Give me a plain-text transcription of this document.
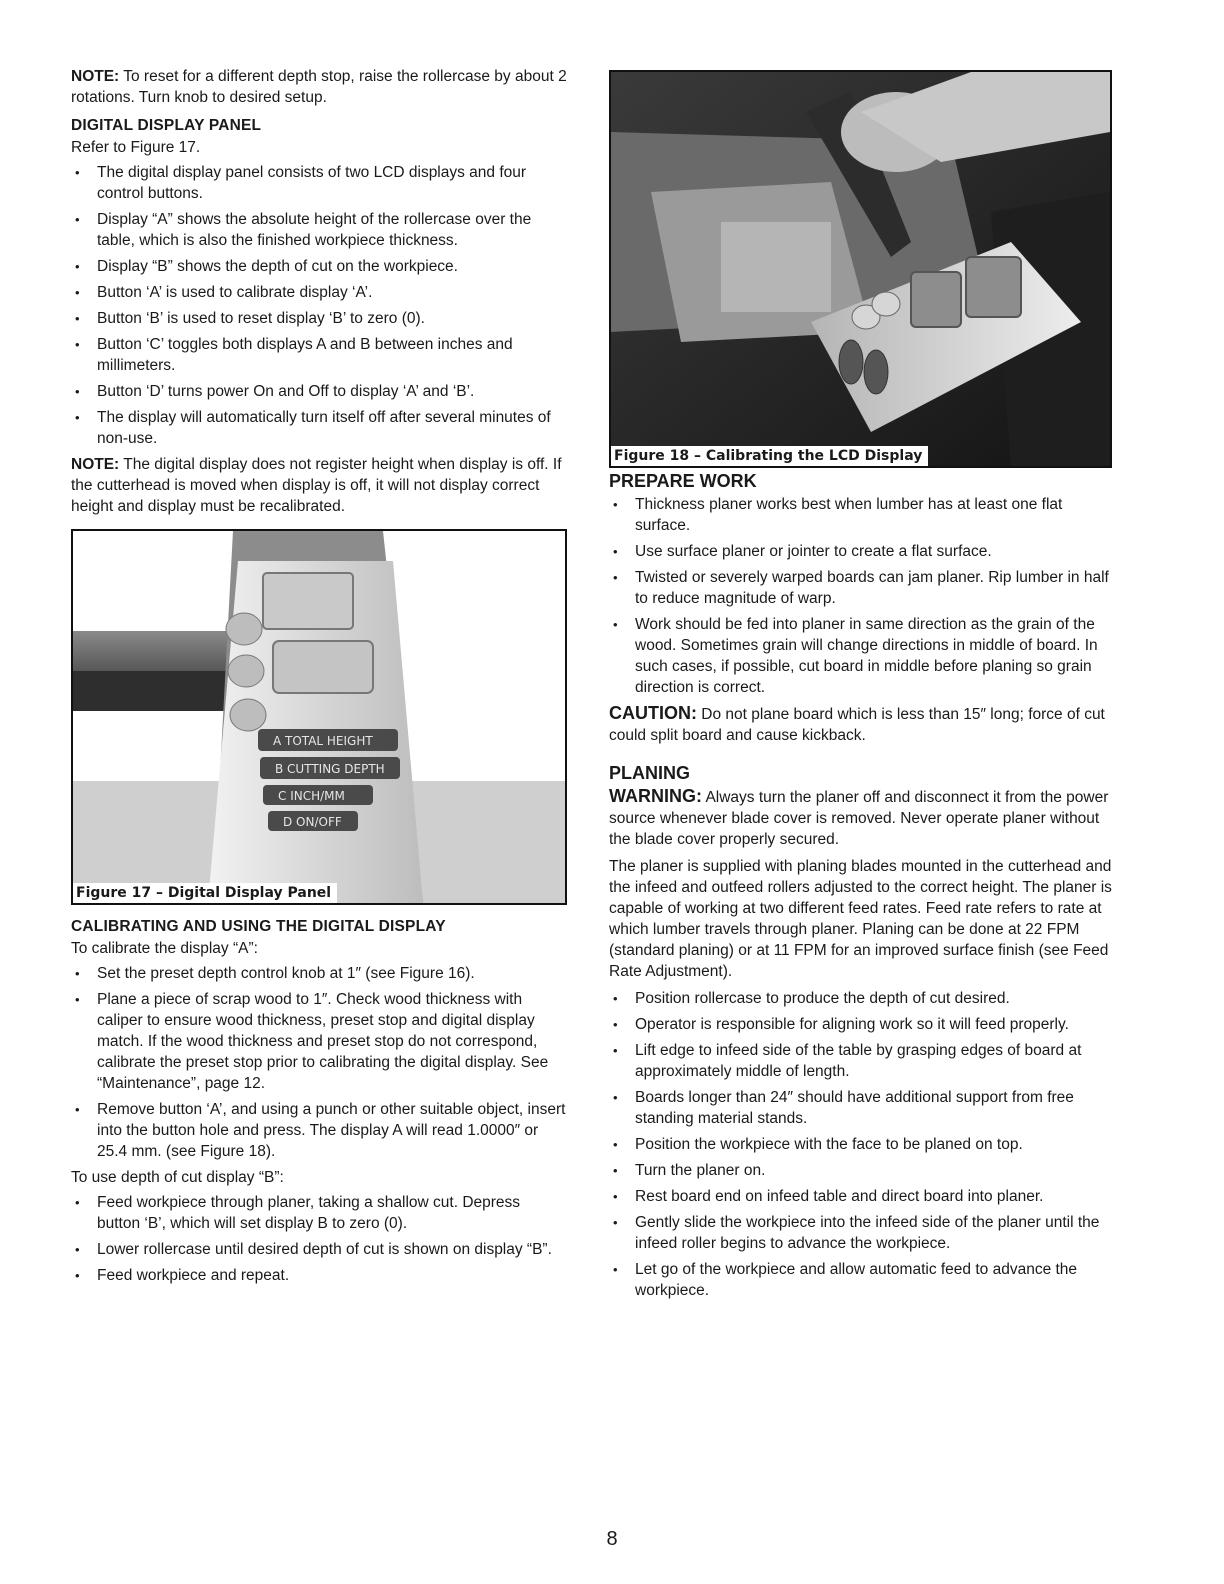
NOTE: To reset for a different depth stop, raise the rollercase by about 2 rotations. Turn knob to desired setup.

DIGITAL DISPLAY PANEL

Refer to Figure 17.

• The digital display panel consists of two LCD displays and four control buttons.
• Display “A” shows the absolute height of the rollercase over the table, which is also the finished workpiece thickness.
• Display “B” shows the depth of cut on the workpiece.
• Button ‘A’ is used to calibrate display ‘A’.
• Button ‘B’ is used to reset display ‘B’ to zero (0).
• Button ‘C’ toggles both displays A and B between inches and millimeters.
• Button ‘D’ turns power On and Off to display ‘A’ and ‘B’.
• The display will automatically turn itself off after several minutes of non-use.

NOTE: The digital display does not register height when display is off. If the cutterhead is moved when display is off, it will not display correct height and display must be recalibrated.

A TOTAL HEIGHT
B CUTTING DEPTH
C INCH/MM
D ON/OFF
Figure 17 – Digital Display Panel
CALIBRATING AND USING THE DIGITAL DISPLAY

To calibrate the display “A”:

• Set the preset depth control knob at 1″ (see Figure 16).
• Plane a piece of scrap wood to 1″. Check wood thickness with caliper to ensure wood thickness, preset stop and digital display match. If the wood thickness and preset stop do not correspond, calibrate the preset stop prior to calibrating the digital display. See “Maintenance”, page 12.
• Remove button ‘A’, and using a punch or other suitable object, insert into the button hole and press. The display A will read 1.0000″ or 25.4 mm. (see Figure 18).

To use depth of cut display “B”:

• Feed workpiece through planer, taking a shallow cut. Depress button ‘B’, which will set display B to zero (0).
• Lower rollercase until desired depth of cut is shown on display “B”.
• Feed workpiece and repeat.
Figure 18 – Calibrating the LCD Display
PREPARE WORK
• Thickness planer works best when lumber has at least one flat surface.
• Use surface planer or jointer to create a flat surface.
• Twisted or severely warped boards can jam planer. Rip lumber in half to reduce magnitude of warp.
• Work should be fed into planer in same direction as the grain of the wood. Sometimes grain will change directions in middle of board. In such cases, if possible, cut board in middle before planing so grain direction is correct.

CAUTION: Do not plane board which is less than 15″ long; force of cut could split board and cause kickback.

PLANING

WARNING: Always turn the planer off and disconnect it from the power source whenever blade cover is removed. Never operate planer without the blade cover properly secured.

The planer is supplied with planing blades mounted in the cutterhead and the infeed and outfeed rollers adjusted to the correct height. The planer is capable of working at two different feed rates. Feed rate refers to rate at which lumber travels through planer. Planing can be done at 22 FPM (standard planing) or at 11 FPM for an improved surface finish (see Feed Rate Adjustment).

• Position rollercase to produce the depth of cut desired.
• Operator is responsible for aligning work so it will feed properly.
• Lift edge to infeed side of the table by grasping edges of board at approximately middle of length.
• Boards longer than 24″ should have additional support from free standing material stands.
• Position the workpiece with the face to be planed on top.
• Turn the planer on.
• Rest board end on infeed table and direct board into planer.
• Gently slide the workpiece into the infeed side of the planer until the infeed roller begins to advance the workpiece.
• Let go of the workpiece and allow automatic feed to advance the workpiece.
8
